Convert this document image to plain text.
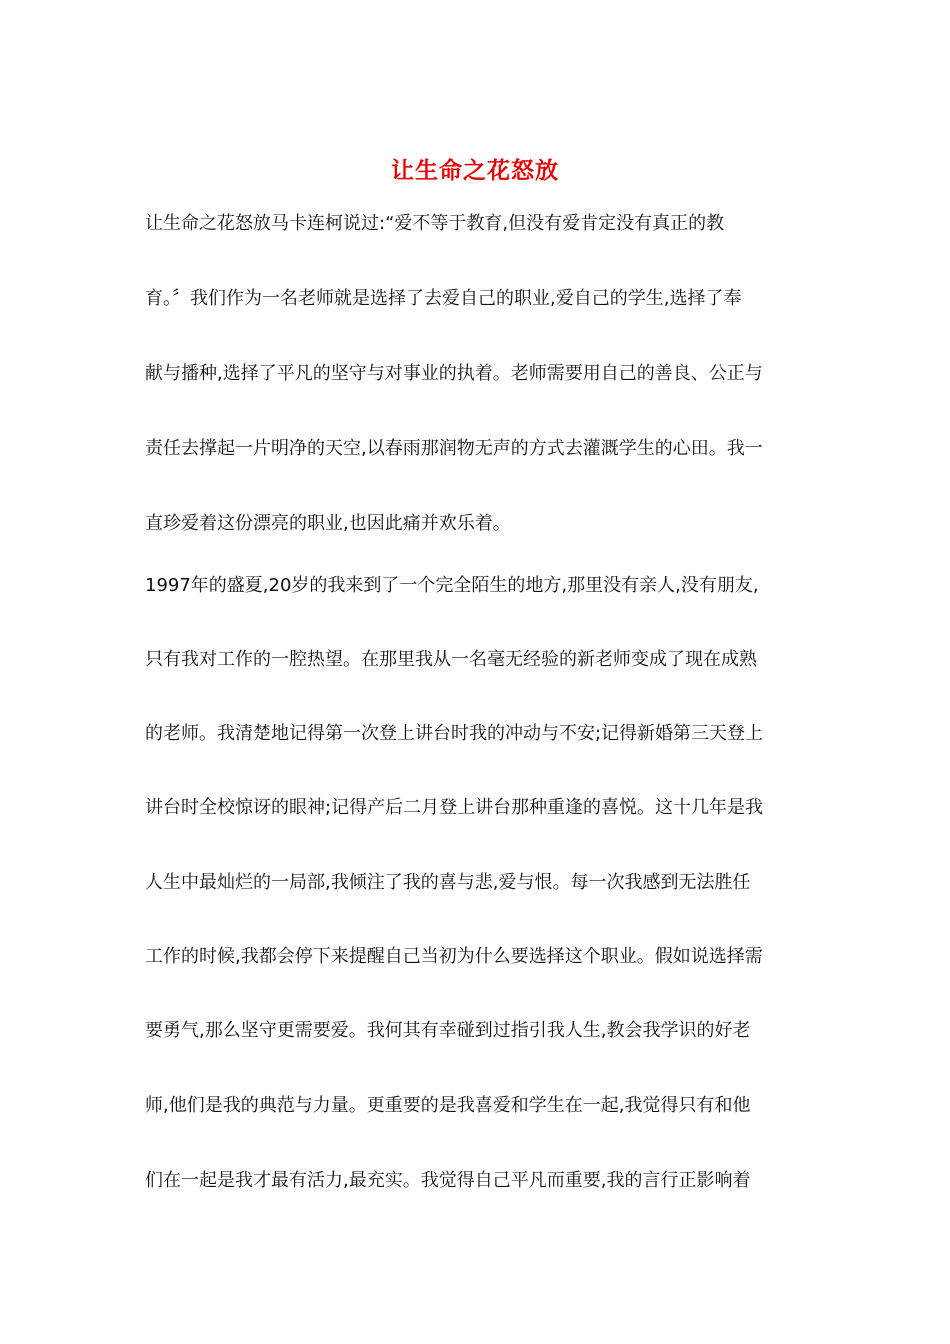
让生命之花怒放
让生命之花怒放马卡连柯说过:“爱不等于教育,但没有爱肯定没有真正的教
育。〞我们作为一名老师就是选择了去爱自己的职业,爱自己的学生,选择了奉
献与播种,选择了平凡的坚守与对事业的执着。老师需要用自己的善良、公正与
责任去撑起一片明净的天空,以春雨那润物无声的方式去灌溉学生的心田。我一
直珍爱着这份漂亮的职业,也因此痛并欢乐着。
1997年的盛夏,20岁的我来到了一个完全陌生的地方,那里没有亲人,没有朋友,
只有我对工作的一腔热望。在那里我从一名毫无经验的新老师变成了现在成熟
的老师。我清楚地记得第一次登上讲台时我的冲动与不安;记得新婚第三天登上
讲台时全校惊讶的眼神;记得产后二月登上讲台那种重逢的喜悦。这十几年是我
人生中最灿烂的一局部,我倾注了我的喜与悲,爱与恨。每一次我感到无法胜任
工作的时候,我都会停下来提醒自己当初为什么要选择这个职业。假如说选择需
要勇气,那么坚守更需要爱。我何其有幸碰到过指引我人生,教会我学识的好老
师,他们是我的典范与力量。更重要的是我喜爱和学生在一起,我觉得只有和他
们在一起是我才最有活力,最充实。我觉得自己平凡而重要,我的言行正影响着
